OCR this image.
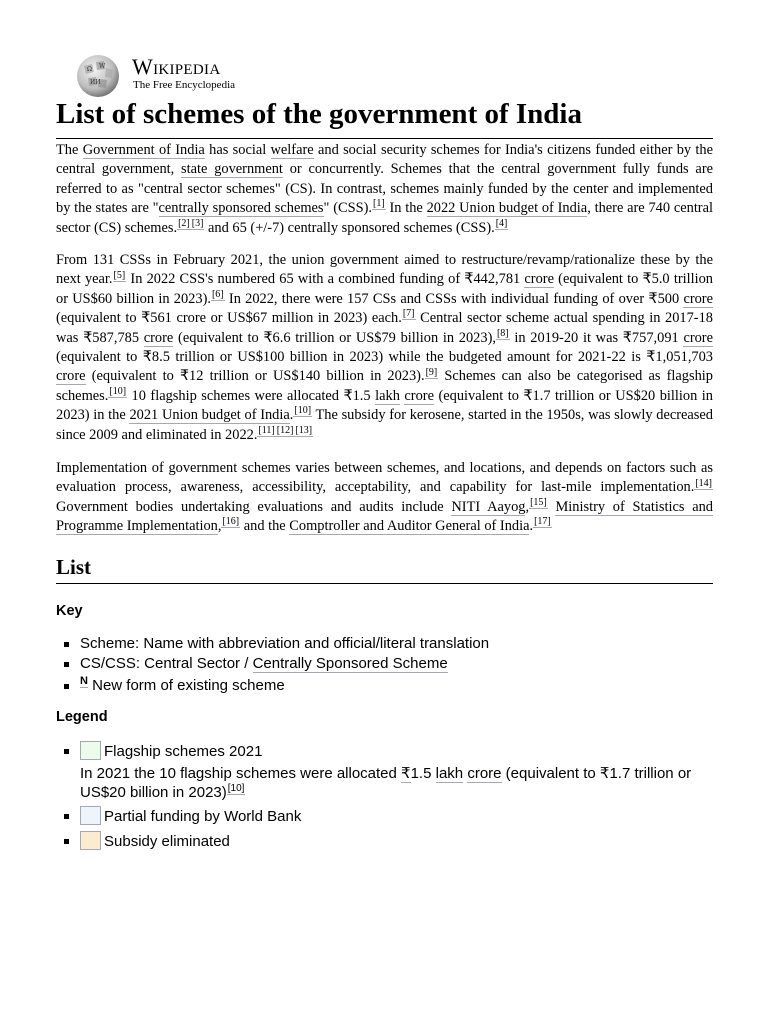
Ω W
ИИ
Wikipedia
The Free Encyclopedia
List of schemes of the government of India

The Government of India has social welfare and social security schemes for India's citizens funded either by the central government, state government or concurrently. Schemes that the central government fully funds are referred to as "central sector schemes" (CS). In contrast, schemes mainly funded by the center and implemented by the states are "centrally sponsored schemes" (CSS).[1] In the 2022 Union budget of India, there are 740 central sector (CS) schemes.[2] [3] and 65 (+/-7) centrally sponsored schemes (CSS).[4]

From 131 CSSs in February 2021, the union government aimed to restructure/revamp/rationalize these by the next year.[5] In 2022 CSS's numbered 65 with a combined funding of ₹442,781 crore (equivalent to ₹5.0 trillion or US$60 billion in 2023).[6] In 2022, there were 157 CSs and CSSs with individual funding of over ₹500 crore (equivalent to ₹561 crore or US$67 million in 2023) each.[7] Central sector scheme actual spending in 2017-18 was ₹587,785 crore (equivalent to ₹6.6 trillion or US$79 billion in 2023),[8] in 2019-20 it was ₹757,091 crore (equivalent to ₹8.5 trillion or US$100 billion in 2023) while the budgeted amount for 2021-22 is ₹1,051,703 crore (equivalent to ₹12 trillion or US$140 billion in 2023).[9] Schemes can also be categorised as flagship schemes.[10] 10 flagship schemes were allocated ₹1.5 lakh crore (equivalent to ₹1.7 trillion or US$20 billion in 2023) in the 2021 Union budget of India.[10] The subsidy for kerosene, started in the 1950s, was slowly decreased since 2009 and eliminated in 2022.[11] [12] [13]

Implementation of government schemes varies between schemes, and locations, and depends on factors such as evaluation process, awareness, accessibility, acceptability, and capability for last-mile implementation.[14] Government bodies undertaking evaluations and audits include NITI Aayog,[15] Ministry of Statistics and Programme Implementation,[16] and the Comptroller and Auditor General of India.[17]

List
Key
Scheme: Name with abbreviation and official/literal translation
CS/CSS: Central Sector / Centrally Sponsored Scheme
$^N$ New form of existing scheme
Legend
Flagship schemes 2021
In 2021 the 10 flagship schemes were allocated ₹1.5 lakh crore (equivalent to ₹1.7 trillion or US$20 billion in 2023)[10]
Partial funding by World Bank
Subsidy eliminated
